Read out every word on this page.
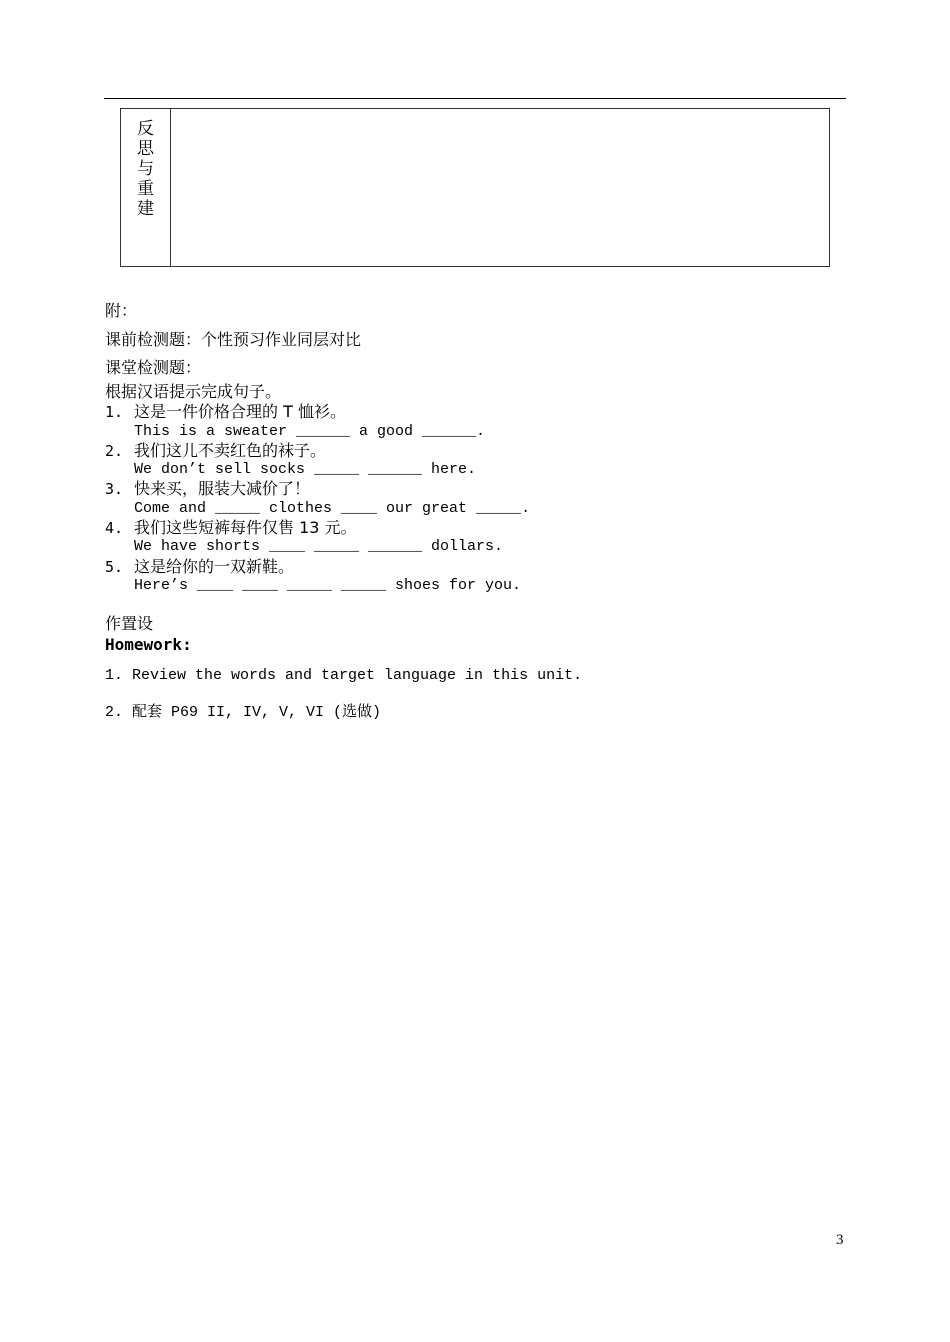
反思与重建
附：
课前检测题：个性预习作业同层对比
课堂检测题：
根据汉语提示完成句子。
1. 这是一件价格合理的 T 恤衫。
This is a sweater ______ a good ______.
2. 我们这儿不卖红色的袜子。
We don’t sell socks _____ ______ here.
3. 快来买，服装大减价了！
Come and _____ clothes ____ our great _____.
4. 我们这些短裤每件仅售 13 元。
We have shorts ____ _____ ______ dollars.
5. 这是给你的一双新鞋。
Here’s ____ ____ _____ _____ shoes for you.
作置设
Homework:
1. Review the words and target language in this unit.
2. 配套 P69 II, IV, V, VI (选做)
3
